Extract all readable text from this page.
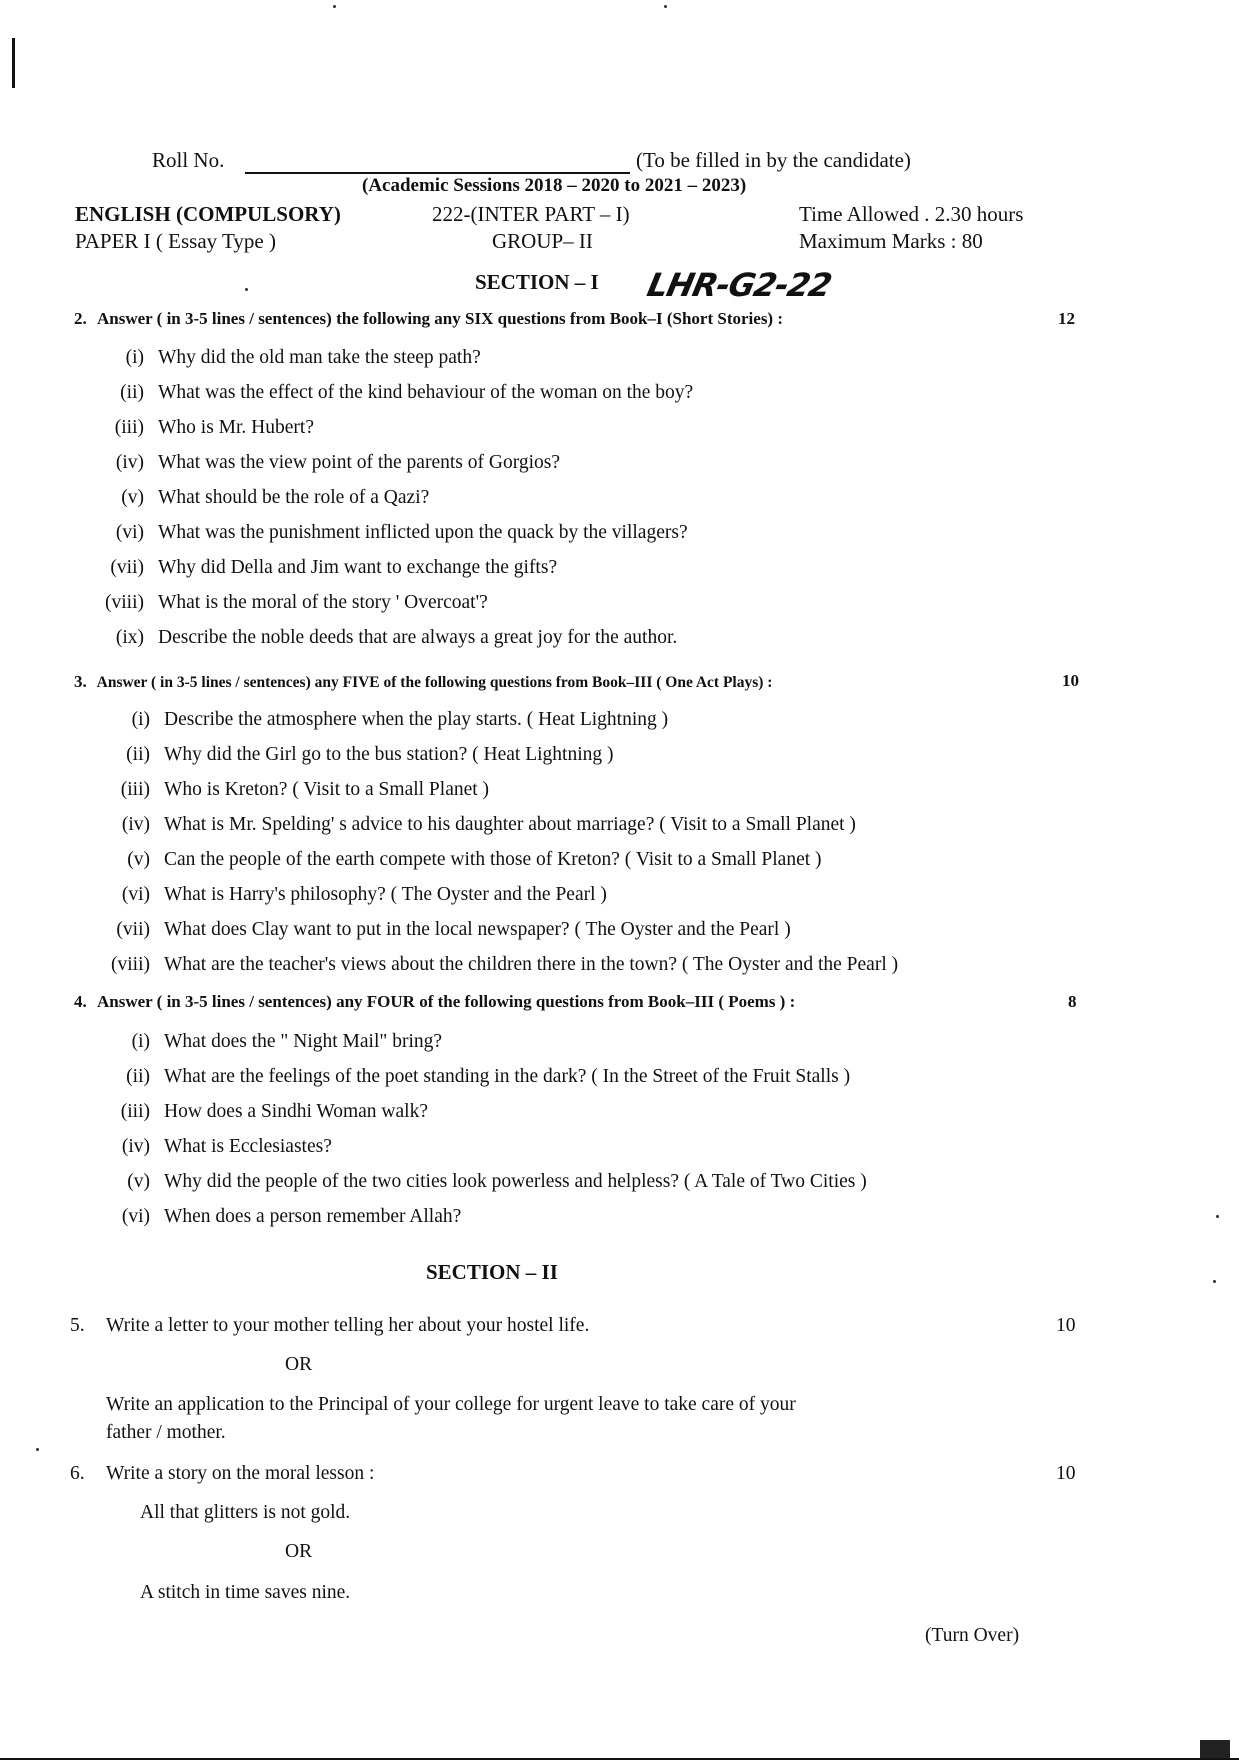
Roll No.	(To be filled in by the candidate)
(Academic Sessions 2018 – 2020 to 2021 – 2023)
ENGLISH (COMPULSORY)	222-(INTER PART – I)	Time Allowed . 2.30 hours
PAPER I ( Essay Type )	GROUP– II	Maximum Marks : 80
SECTION – I LHR-G2-22
2. Answer ( in 3-5 lines / sentences) the following any SIX questions from Book–I (Short Stories) :	12
(i) Why did the old man take the steep path?
(ii) What was the effect of the kind behaviour of the woman on the boy?
(iii) Who is Mr. Hubert?
(iv) What was the view point of the parents of Gorgios?
(v) What should be the role of a Qazi?
(vi) What was the punishment inflicted upon the quack by the villagers?
(vii) Why did Della and Jim want to exchange the gifts?
(viii) What is the moral of the story ' Overcoat'?
(ix) Describe the noble deeds that are always a great joy for the author.
3. Answer ( in 3-5 lines / sentences) any FIVE of the following questions from Book–III ( One Act Plays) :	10
(i) Describe the atmosphere when the play starts. ( Heat Lightning )
(ii) Why did the Girl go to the bus station? ( Heat Lightning )
(iii) Who is Kreton? ( Visit to a Small Planet )
(iv) What is Mr. Spelding' s advice to his daughter about marriage? ( Visit to a Small Planet )
(v) Can the people of the earth compete with those of Kreton? ( Visit to a Small Planet )
(vi) What is Harry's philosophy? ( The Oyster and the Pearl )
(vii) What does Clay want to put in the local newspaper? ( The Oyster and the Pearl )
(viii) What are the teacher's views about the children there in the town? ( The Oyster and the Pearl )
4. Answer ( in 3-5 lines / sentences) any FOUR of the following questions from Book–III ( Poems ) :	8
(i) What does the " Night Mail" bring?
(ii) What are the feelings of the poet standing in the dark? ( In the Street of the Fruit Stalls )
(iii) How does a Sindhi Woman walk?
(iv) What is Ecclesiastes?
(v) Why did the people of the two cities look powerless and helpless? ( A Tale of Two Cities )
(vi) When does a person remember Allah?
SECTION – II
5. Write a letter to your mother telling her about your hostel life.	10
OR
Write an application to the Principal of your college for urgent leave to take care of your
father / mother.
6. Write a story on the moral lesson :	10
All that glitters is not gold.
OR
A stitch in time saves nine.
(Turn Over)
